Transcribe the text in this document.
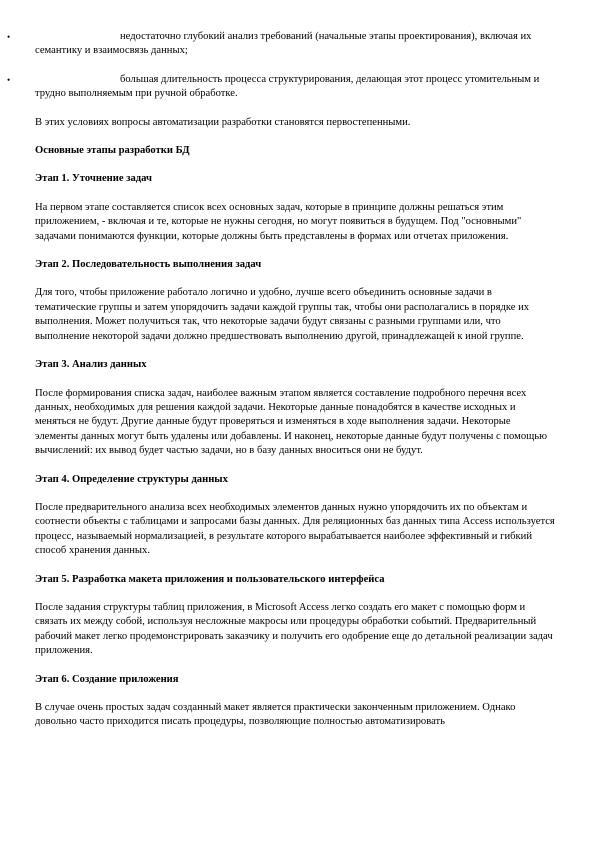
•	недостаточно глубокий анализ требований (начальные этапы проектирования), включая их семантику и взаимосвязь данных;
•	большая длительность процесса структурирования, делающая этот процесс утомительным и трудно выполняемым при ручной обработке.

В этих условиях вопросы автоматизации разработки становятся первостепенными.

Основные этапы разработки БД
Этап 1. Уточнение задач

На первом этапе составляется список всех основных задач, которые в принципе должны решаться этим приложением, - включая и те, которые не нужны сегодня, но могут появиться в будущем. Под "основными" задачами понимаются функции, которые должны быть представлены в формах или отчетах приложения.

Этап 2. Последовательность выполнения задач

Для того, чтобы приложение работало логично и удобно, лучше всего объединить основные задачи в тематические группы и затем упорядочить задачи каждой группы так, чтобы они располагались в порядке их выполнения. Может получиться так, что некоторые задачи будут связаны с разными группами или, что выполнение некоторой задачи должно предшествовать выполнению другой, принадлежащей к иной группе.

Этап 3. Анализ данных

После формирования списка задач, наиболее важным этапом является составление подробного перечня всех данных, необходимых для решения каждой задачи. Некоторые данные понадобятся в качестве исходных и меняться не будут. Другие данные будут проверяться и изменяться в ходе выполнения задачи. Некоторые элементы данных могут быть удалены или добавлены. И наконец, некоторые данные будут получены с помощью вычислений: их вывод будет частью задачи, но в базу данных вноситься они не будут.

Этап 4. Определение структуры данных

После предварительного анализа всех необходимых элементов данных нужно упорядочить их по объектам и соотнести объекты с таблицами и запросами базы данных. Для реляционных баз данных типа Access используется процесс, называемый нормализацией, в результате которого вырабатывается наиболее эффективный и гибкий способ хранения данных.

Этап 5. Разработка макета приложения и пользовательского интерфейса

После задания структуры таблиц приложения, в Microsoft Access легко создать его макет с помощью форм и связать их между собой, используя несложные макросы или процедуры обработки событий. Предварительный рабочий макет легко продемонстрировать заказчику и получить его одобрение еще до детальной реализации задач приложения.

Этап 6. Создание приложения

В случае очень простых задач созданный макет является практически законченным приложением. Однако довольно часто приходится писать процедуры, позволяющие полностью автоматизировать
